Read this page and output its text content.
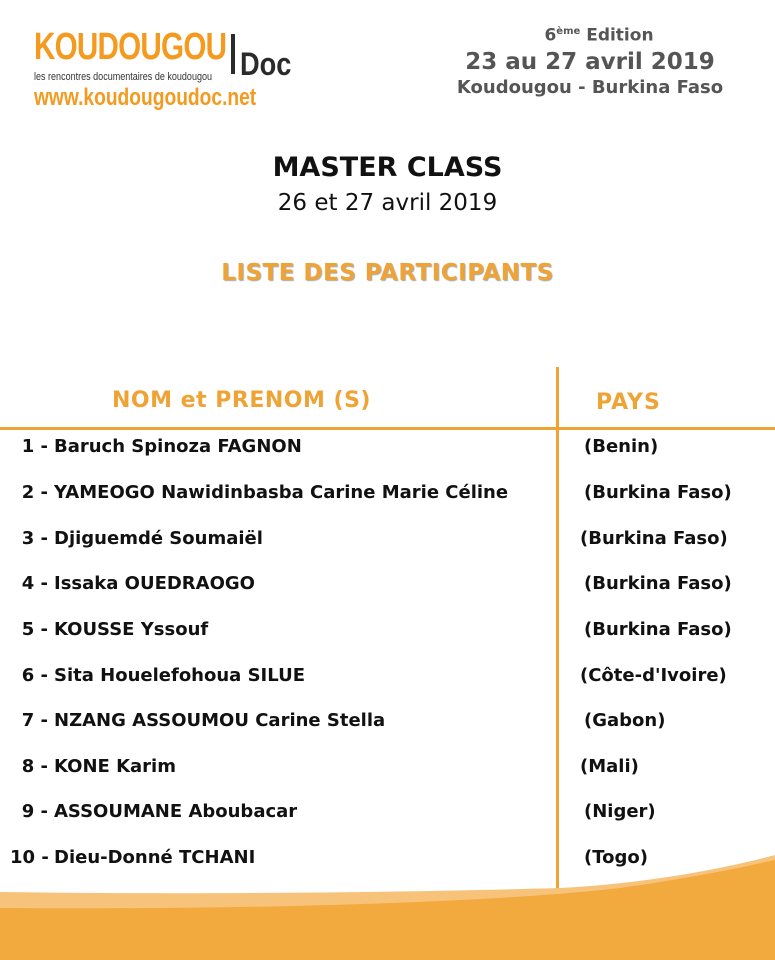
KOUDOUGOU Doc
les rencontres documentaires de koudougou
www.koudougoudoc.net
6ème Edition
23 au 27 avril 2019
Koudougou - Burkina Faso
MASTER CLASS
26 et 27 avril 2019
LISTE DES PARTICIPANTS
NOM et PRENOM (S)	PAYS
1 - Baruch Spinoza FAGNON	(Benin)
2 - YAMEOGO Nawidinbasba Carine Marie Céline	(Burkina Faso)
3 - Djiguemdé Soumaiël	(Burkina Faso)
4 - Issaka OUEDRAOGO	(Burkina Faso)
5 - KOUSSE Yssouf	(Burkina Faso)
6 - Sita Houelefohoua SILUE	(Côte-d'Ivoire)
7 - NZANG ASSOUMOU Carine Stella	(Gabon)
8 - KONE Karim	(Mali)
9 - ASSOUMANE Aboubacar	(Niger)
10 - Dieu-Donné TCHANI	(Togo)
